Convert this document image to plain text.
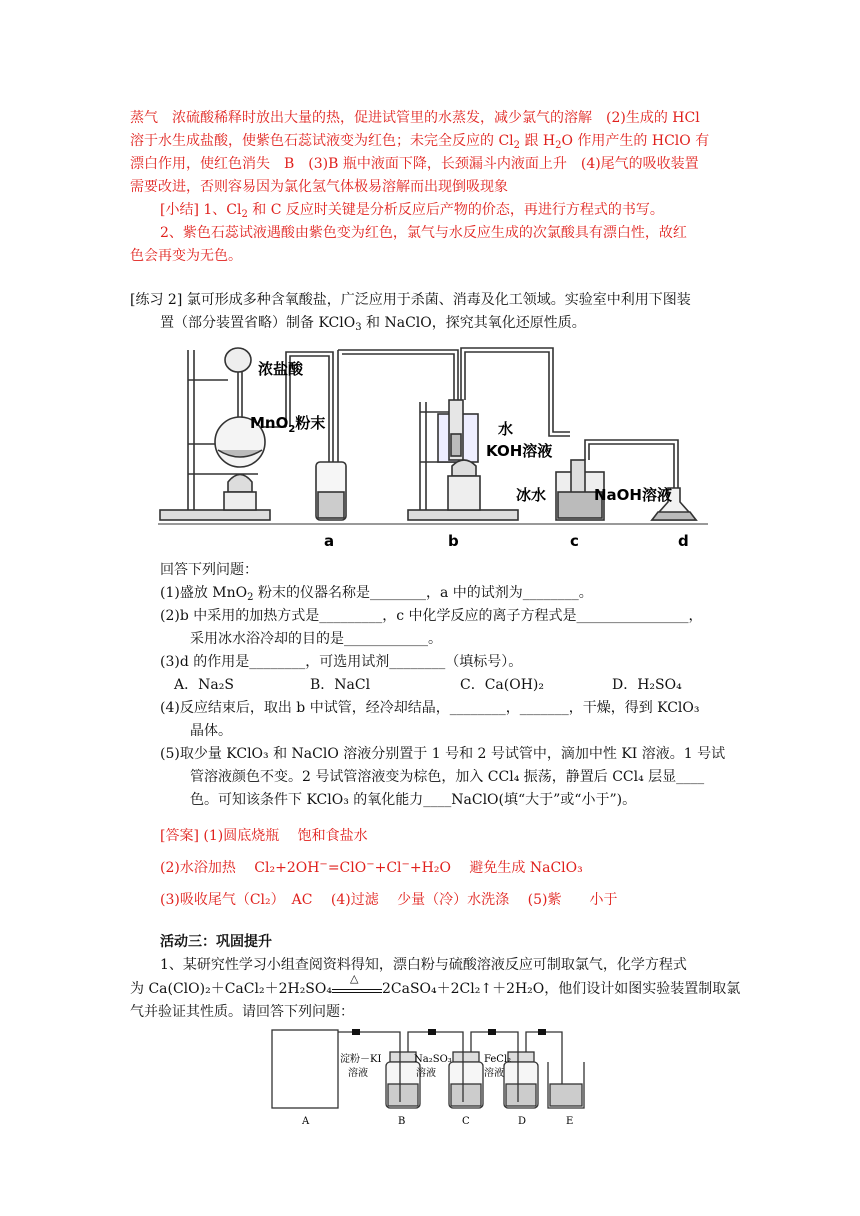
蒸气　浓硫酸稀释时放出大量的热，促进试管里的水蒸发，减少氯气的溶解　(2)生成的 HCl
溶于水生成盐酸，使紫色石蕊试液变为红色；未完全反应的 $Cl_2$ 跟 $H_2O$ 作用产生的 HClO 有
漂白作用，使红色消失　B　(3)B 瓶中液面下降，长颈漏斗内液面上升　(4)尾气的吸收装置
需要改进，否则容易因为氯化氢气体极易溶解而出现倒吸现象
[小结] 1、$Cl_2$ 和 C 反应时关键是分析反应后产物的价态，再进行方程式的书写。
2、紫色石蕊试液遇酸由紫色变为红色，氯气与水反应生成的次氯酸具有漂白性，故红
色会再变为无色。
[练习 2] 氯可形成多种含氧酸盐，广泛应用于杀菌、消毒及化工领域。实验室中利用下图装
置（部分装置省略）制备 KClO$_3$ 和 NaClO，探究其氧化还原性质。
浓盐酸
MnO$_2$粉末	水
KOH溶液
冰水	NaOH溶液
a	b	c	d
回答下列问题：
(1)盛放 MnO$_2$ 粉末的仪器名称是________，a 中的试剂为________。
(2)b 中采用的加热方式是_________，c 中化学反应的离子方程式是________________，
采用冰水浴冷却的目的是____________。
(3)d 的作用是________，可选用试剂________（填标号）。
A．Na₂S	B．NaCl	C．Ca(OH)₂	D．H₂SO₄
(4)反应结束后，取出 b 中试管，经冷却结晶，________，_______，干燥，得到 KClO₃
晶体。
(5)取少量 KClO₃ 和 NaClO 溶液分别置于 1 号和 2 号试管中，滴加中性 KI 溶液。1 号试
管溶液颜色不变。2 号试管溶液变为棕色，加入 CCl₄ 振荡，静置后 CCl₄ 层显____
色。可知该条件下 KClO₃ 的氧化能力____NaClO(填“大于”或“小于”)。
[答案] (1)圆底烧瓶　 饱和食盐水
(2)水浴加热　 Cl₂+2OH−=ClO−+Cl−+H₂O　 避免生成 NaClO₃
(3)吸收尾气（Cl₂）　AC　 (4)过滤　 少量（冷）水洗涤　 (5)紫　　小于
活动三：巩固提升
1、某研究性学习小组查阅资料得知，漂白粉与硫酸溶液反应可制取氯气，化学方程式
为 Ca(ClO)₂＋CaCl₂＋2H₂SO₄
△
2CaSO₄＋2Cl₂↑＋2H₂O，他们设计如图实验装置制取氯
气并验证其性质。请回答下列问题：
淀粉－KI
溶液
Na₂SO₃
溶液
FeCl₂
溶液
A	B	C	D	E
